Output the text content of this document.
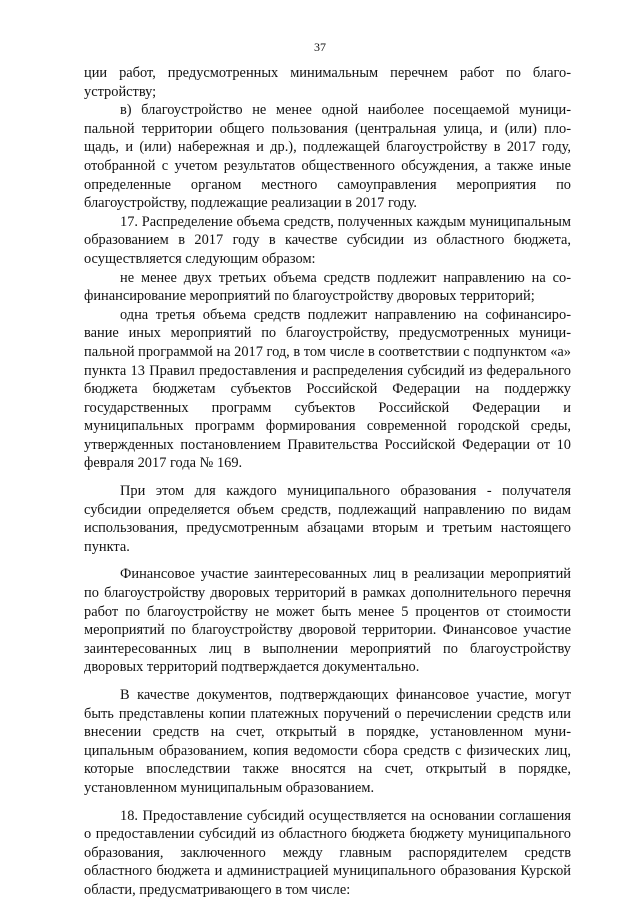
37

ции работ, предусмотренных минимальным перечнем работ по благоустройству;

в) благоустройство не менее одной наиболее посещаемой муниципальной территории общего пользования (центральная улица, и (или) площадь, и (или) набережная и др.), подлежащей благоустройству в 2017 году, отобранной с учетом результатов общественного обсуждения, а также иные определенные органом местного самоуправления мероприятия по благоустройству, подлежащие реализации в 2017 году.

17. Распределение объема средств, полученных каждым муниципальным образованием в 2017 году в качестве субсидии из областного бюджета, осуществляется следующим образом:

не менее двух третьих объема средств подлежит направлению на софинансирование мероприятий по благоустройству дворовых территорий;

одна третья объема средств подлежит направлению на софинансирование иных мероприятий по благоустройству, предусмотренных муниципальной программой на 2017 год, в том числе в соответствии с подпунктом «а» пункта 13 Правил предоставления и распределения субсидий из федерального бюджета бюджетам субъектов Российской Федерации на поддержку государственных программ субъектов Российской Федерации и муниципальных программ формирования современной городской среды, утвержденных постановлением Правительства Российской Федерации от 10 февраля 2017 года № 169.

При этом для каждого муниципального образования - получателя субсидии определяется объем средств, подлежащий направлению по видам использования, предусмотренным абзацами вторым и третьим настоящего пункта.

Финансовое участие заинтересованных лиц в реализации мероприятий по благоустройству дворовых территорий в рамках дополнительного перечня работ по благоустройству не может быть менее 5 процентов от стоимости мероприятий по благоустройству дворовой территории. Финансовое участие заинтересованных лиц в выполнении мероприятий по благоустройству дворовых территорий подтверждается документально.

В качестве документов, подтверждающих финансовое участие, могут быть представлены копии платежных поручений о перечислении средств или внесении средств на счет, открытый в порядке, установленном муниципальным образованием, копия ведомости сбора средств с физических лиц, которые впоследствии также вносятся на счет, открытый в порядке, установленном муниципальным образованием.

18. Предоставление субсидий осуществляется на основании соглашения о предоставлении субсидий из областного бюджета бюджету муниципального образования, заключенного между главным распорядителем средств областного бюджета и администрацией муниципального образования Курской области, предусматривающего в том числе:
